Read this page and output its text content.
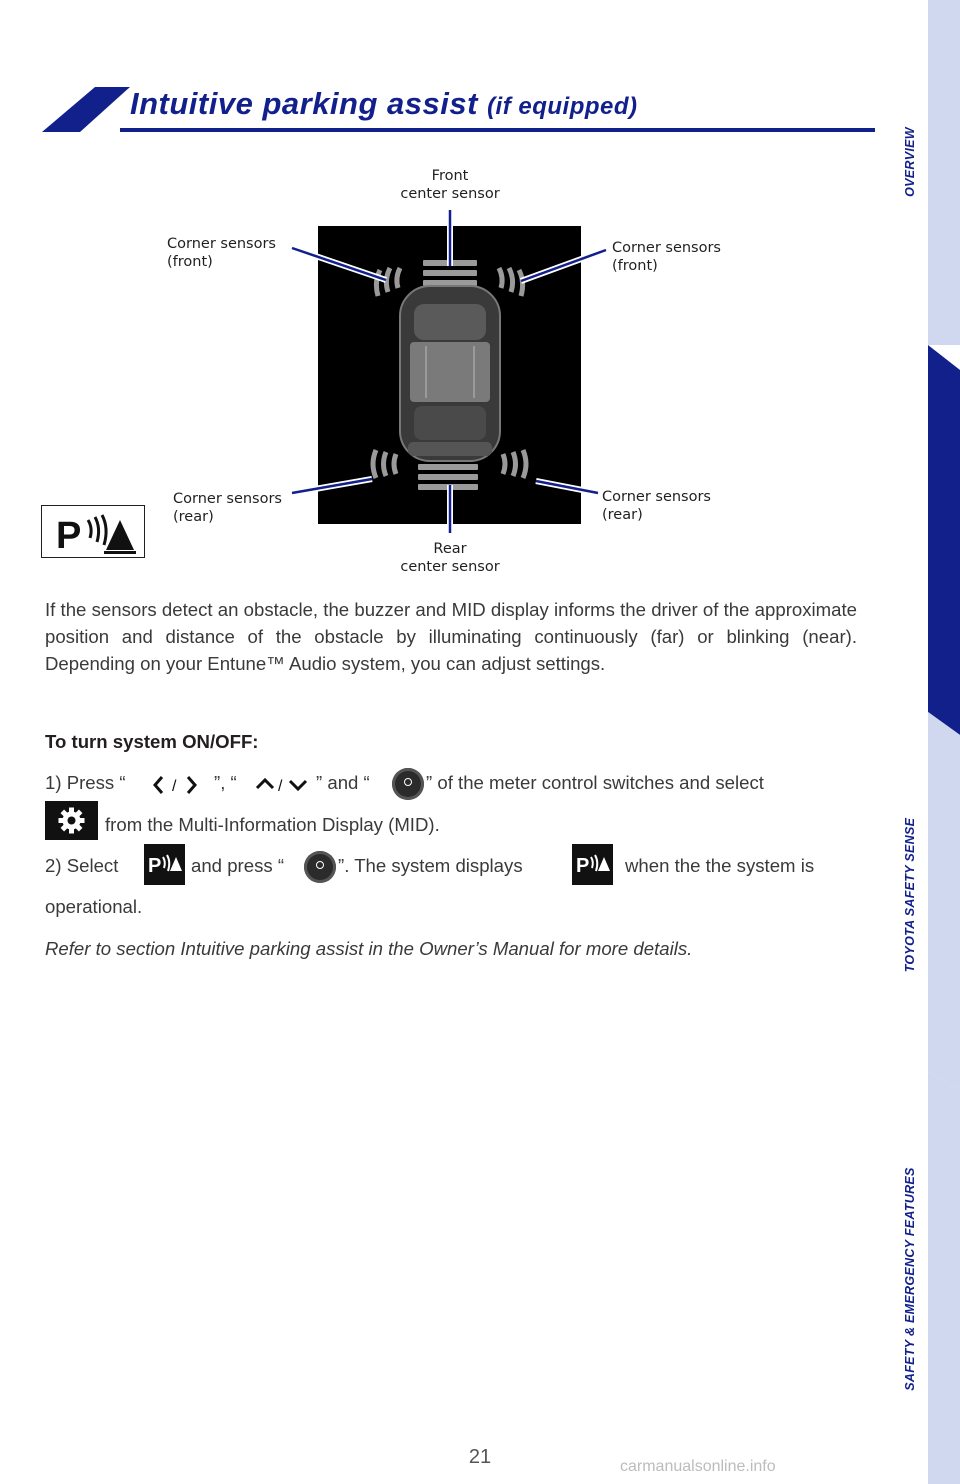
Intuitive parking assist (if equipped)
OVERVIEW
FEATURES & OPERATIONS
TOYOTA SAFETY SENSE
SAFETY & EMERGENCY FEATURES
Front
center sensor
Corner sensors
(front)
Corner sensors
(front)
Corner sensors
(rear)
Corner sensors
(rear)
Rear
center sensor
P
If the sensors detect an obstacle, the buzzer and MID display informs the driver of the approximate position and distance of the obstacle by illuminating continuously (far) or blinking (near). Depending on your Entune™ Audio system, you can adjust settings.
To turn system ON/OFF:
1) Press “	/ ”, “	/ ” and “	” of the meter control switches and select
from the Multi-Information Display (MID).
2) Select P and press “	”. The system displays	P when the the system is
operational.
Refer to section Intuitive parking assist in the Owner’s Manual for more details.
21	carmanualsonline.info
